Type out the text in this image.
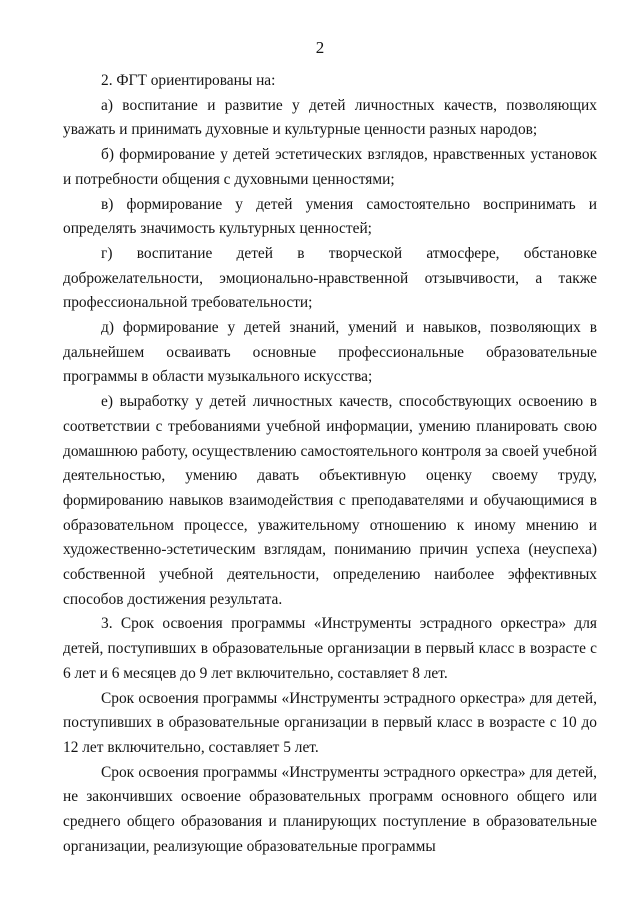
2

2. ФГТ ориентированы на:

а) воспитание и развитие у детей личностных качеств, позволяющих уважать и принимать духовные и культурные ценности разных народов;

б) формирование у детей эстетических взглядов, нравственных установок и потребности общения с духовными ценностями;

в) формирование у детей умения самостоятельно воспринимать и определять значимость культурных ценностей;

г) воспитание детей в творческой атмосфере, обстановке доброжелательности, эмоционально-нравственной отзывчивости, а также профессиональной требовательности;

д) формирование у детей знаний, умений и навыков, позволяющих в дальнейшем осваивать основные профессиональные образовательные программы в области музыкального искусства;

е) выработку у детей личностных качеств, способствующих освоению в соответствии с требованиями учебной информации, умению планировать свою домашнюю работу, осуществлению самостоятельного контроля за своей учебной деятельностью, умению давать объективную оценку своему труду, формированию навыков взаимодействия с преподавателями и обучающимися в образовательном процессе, уважительному отношению к иному мнению и художественно-эстетическим взглядам, пониманию причин успеха (неуспеха) собственной учебной деятельности, определению наиболее эффективных способов достижения результата.

3. Срок освоения программы «Инструменты эстрадного оркестра» для детей, поступивших в образовательные организации в первый класс в возрасте с 6 лет и 6 месяцев до 9 лет включительно, составляет 8 лет.

Срок освоения программы «Инструменты эстрадного оркестра» для детей, поступивших в образовательные организации в первый класс в возрасте с 10 до 12 лет включительно, составляет 5 лет.

Срок освоения программы «Инструменты эстрадного оркестра» для детей, не закончивших освоение образовательных программ основного общего или среднего общего образования и планирующих поступление в образовательные организации, реализующие образовательные программы
